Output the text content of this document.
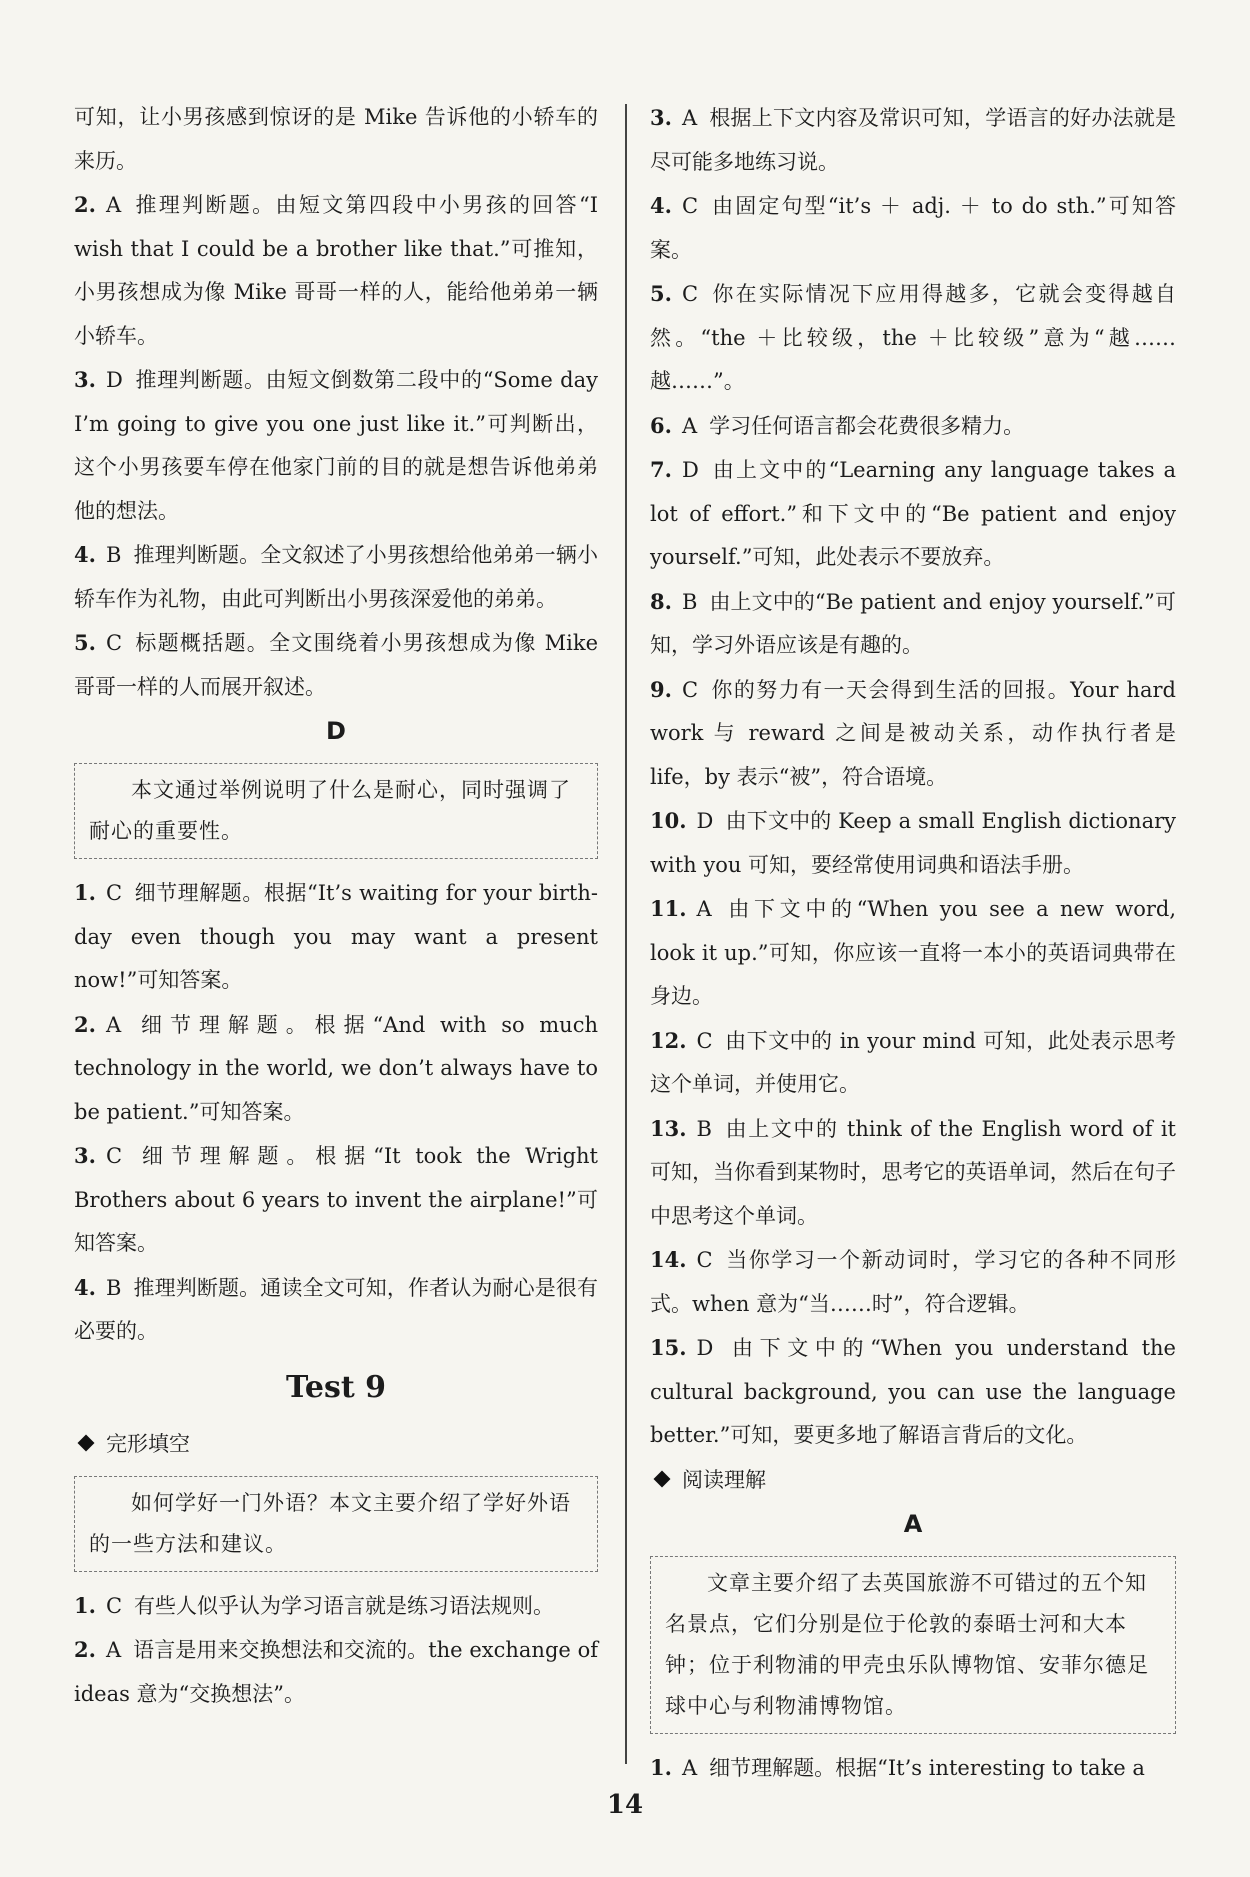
可知，让小男孩感到惊讶的是 Mike 告诉他的小轿车的来历。

2. A 推理判断题。由短文第四段中小男孩的回答“I wish that I could be a brother like that.”可推知，小男孩想成为像 Mike 哥哥一样的人，能给他弟弟一辆小轿车。

3. D 推理判断题。由短文倒数第二段中的“Some day I’m going to give you one just like it.”可判断出，这个小男孩要车停在他家门前的目的就是想告诉他弟弟他的想法。

4. B 推理判断题。全文叙述了小男孩想给他弟弟一辆小轿车作为礼物，由此可判断出小男孩深爱他的弟弟。

5. C 标题概括题。全文围绕着小男孩想成为像 Mike 哥哥一样的人而展开叙述。

D

本文通过举例说明了什么是耐心，同时强调了耐心的重要性。

1. C 细节理解题。根据“It’s waiting for your birth-day even though you may want a present now!”可知答案。

2. A 细节理解题。根据“And with so much technology in the world, we don’t always have to be patient.”可知答案。

3. C 细节理解题。根据“It took the Wright Brothers about 6 years to invent the airplane!”可知答案。

4. B 推理判断题。通读全文可知，作者认为耐心是很有必要的。

Test 9

完形填空

如何学好一门外语？本文主要介绍了学好外语的一些方法和建议。

1. C 有些人似乎认为学习语言就是练习语法规则。

2. A 语言是用来交换想法和交流的。the exchange of ideas 意为“交换想法”。

3. A 根据上下文内容及常识可知，学语言的好办法就是尽可能多地练习说。

4. C 由固定句型“it’s ＋ adj. ＋ to do sth.”可知答案。

5. C 你在实际情况下应用得越多，它就会变得越自然。“the ＋比较级，the ＋比较级”意为“越……越……”。

6. A 学习任何语言都会花费很多精力。

7. D 由上文中的“Learning any language takes a lot of effort.”和下文中的“Be patient and enjoy yourself.”可知，此处表示不要放弃。

8. B 由上文中的“Be patient and enjoy yourself.”可知，学习外语应该是有趣的。

9. C 你的努力有一天会得到生活的回报。Your hard work 与 reward 之间是被动关系，动作执行者是 life，by 表示“被”，符合语境。

10. D 由下文中的 Keep a small English dictionary with you 可知，要经常使用词典和语法手册。

11. A 由下文中的“When you see a new word, look it up.”可知，你应该一直将一本小的英语词典带在身边。

12. C 由下文中的 in your mind 可知，此处表示思考这个单词，并使用它。

13. B 由上文中的 think of the English word of it 可知，当你看到某物时，思考它的英语单词，然后在句子中思考这个单词。

14. C 当你学习一个新动词时，学习它的各种不同形式。when 意为“当……时”，符合逻辑。

15. D 由下文中的“When you understand the cultural background, you can use the language better.”可知，要更多地了解语言背后的文化。

阅读理解

A

文章主要介绍了去英国旅游不可错过的五个知名景点，它们分别是位于伦敦的泰晤士河和大本钟；位于利物浦的甲壳虫乐队博物馆、安菲尔德足球中心与利物浦博物馆。

1. A 细节理解题。根据“It’s interesting to take a

14
